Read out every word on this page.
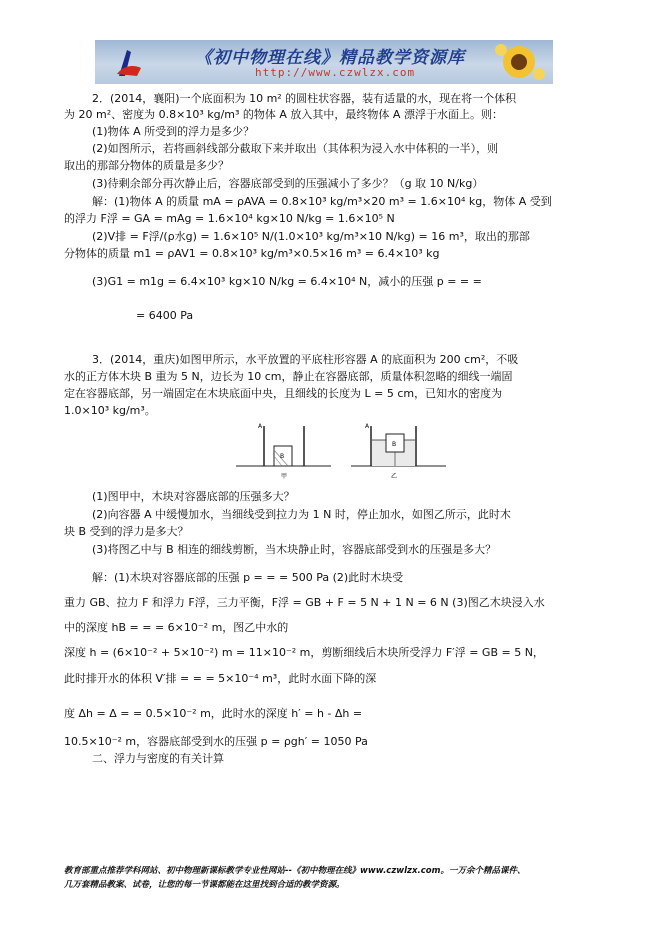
《初中物理在线》精品教学资源库
http://www.czwlzx.com
2．(2014，襄阳)一个底面积为 10 m² 的圆柱状容器，装有适量的水，现在将一个体积
为 20 m²、密度为 0.8×10³ kg/m³ 的物体 A 放入其中，最终物体 A 漂浮于水面上。则：
(1)物体 A 所受到的浮力是多少？
(2)如图所示，若将画斜线部分截取下来并取出（其体积为浸入水中体积的一半），则
取出的那部分物体的质量是多少？
(3)待剩余部分再次静止后，容器底部受到的压强减小了多少？（g 取 10 N/kg）
解：(1)物体 A 的质量 mA = ρAVA = 0.8×10³ kg/m³×20 m³ = 1.6×10⁴ kg，物体 A 受到
的浮力 F浮 = GA = mAg = 1.6×10⁴ kg×10 N/kg = 1.6×10⁵ N
(2)V排 = F浮/(ρ水g) = 1.6×10⁵ N/(1.0×10³ kg/m³×10 N/kg) = 16 m³，取出的那部
分物体的质量 m1 = ρAV1 = 0.8×10³ kg/m³×0.5×16 m³ = 6.4×10³ kg
(3)G1 = m1g = 6.4×10³ kg×10 N/kg = 6.4×10⁴ N，减小的压强 p = = =
= 6400 Pa
3．(2014，重庆)如图甲所示，水平放置的平底柱形容器 A 的底面积为 200 cm²，不吸
水的正方体木块 B 重为 5 N，边长为 10 cm，静止在容器底部，质量体积忽略的细线一端固
定在容器底部，另一端固定在木块底面中央，且细线的长度为 L = 5 cm，已知水的密度为
1.0×10³ kg/m³。
A
B
甲
A
B
乙
(1)图甲中，木块对容器底部的压强多大？
(2)向容器 A 中缓慢加水，当细线受到拉力为 1 N 时，停止加水，如图乙所示，此时木
块 B 受到的浮力是多大？
(3)将图乙中与 B 相连的细线剪断，当木块静止时，容器底部受到水的压强是多大？
解：(1)木块对容器底部的压强 p = = = 500 Pa (2)此时木块受
重力 GB、拉力 F 和浮力 F浮，三力平衡，F浮 = GB + F = 5 N + 1 N = 6 N (3)图乙木块浸入水
中的深度 hB = = = 6×10⁻² m，图乙中水的
深度 h = (6×10⁻² + 5×10⁻²) m = 11×10⁻² m，剪断细线后木块所受浮力 F′浮 = GB = 5 N，
此时排开水的体积 V′排 = = = 5×10⁻⁴ m³，此时水面下降的深
度 Δh = Δ = = 0.5×10⁻² m，此时水的深度 h′ = h - Δh =
10.5×10⁻² m，容器底部受到水的压强 p = ρgh′ = 1050 Pa
二、浮力与密度的有关计算
教育部重点推荐学科网站、初中物理新课标教学专业性网站--《初中物理在线》www.czwlzx.com。一万余个精品课件、
几万套精品教案、试卷，让您的每一节课都能在这里找到合适的教学资源。
